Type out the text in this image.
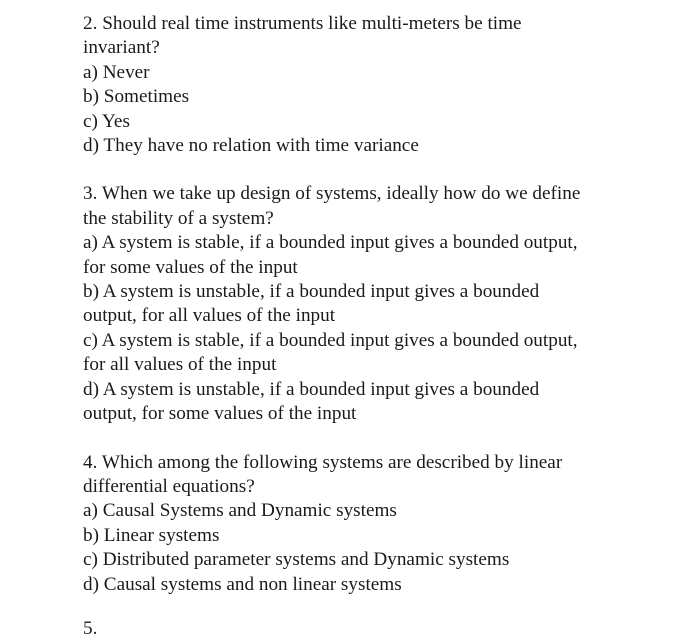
2. Should real time instruments like multi-meters be time
invariant?
a) Never
b) Sometimes
c) Yes
d) They have no relation with time variance
3. When we take up design of systems, ideally how do we define
the stability of a system?
a) A system is stable, if a bounded input gives a bounded output,
for some values of the input
b) A system is unstable, if a bounded input gives a bounded
output, for all values of the input
c) A system is stable, if a bounded input gives a bounded output,
for all values of the input
d) A system is unstable, if a bounded input gives a bounded
output, for some values of the input
4. Which among the following systems are described by linear
differential equations?
a) Causal Systems and Dynamic systems
b) Linear systems
c) Distributed parameter systems and Dynamic systems
d) Causal systems and non linear systems
5.
